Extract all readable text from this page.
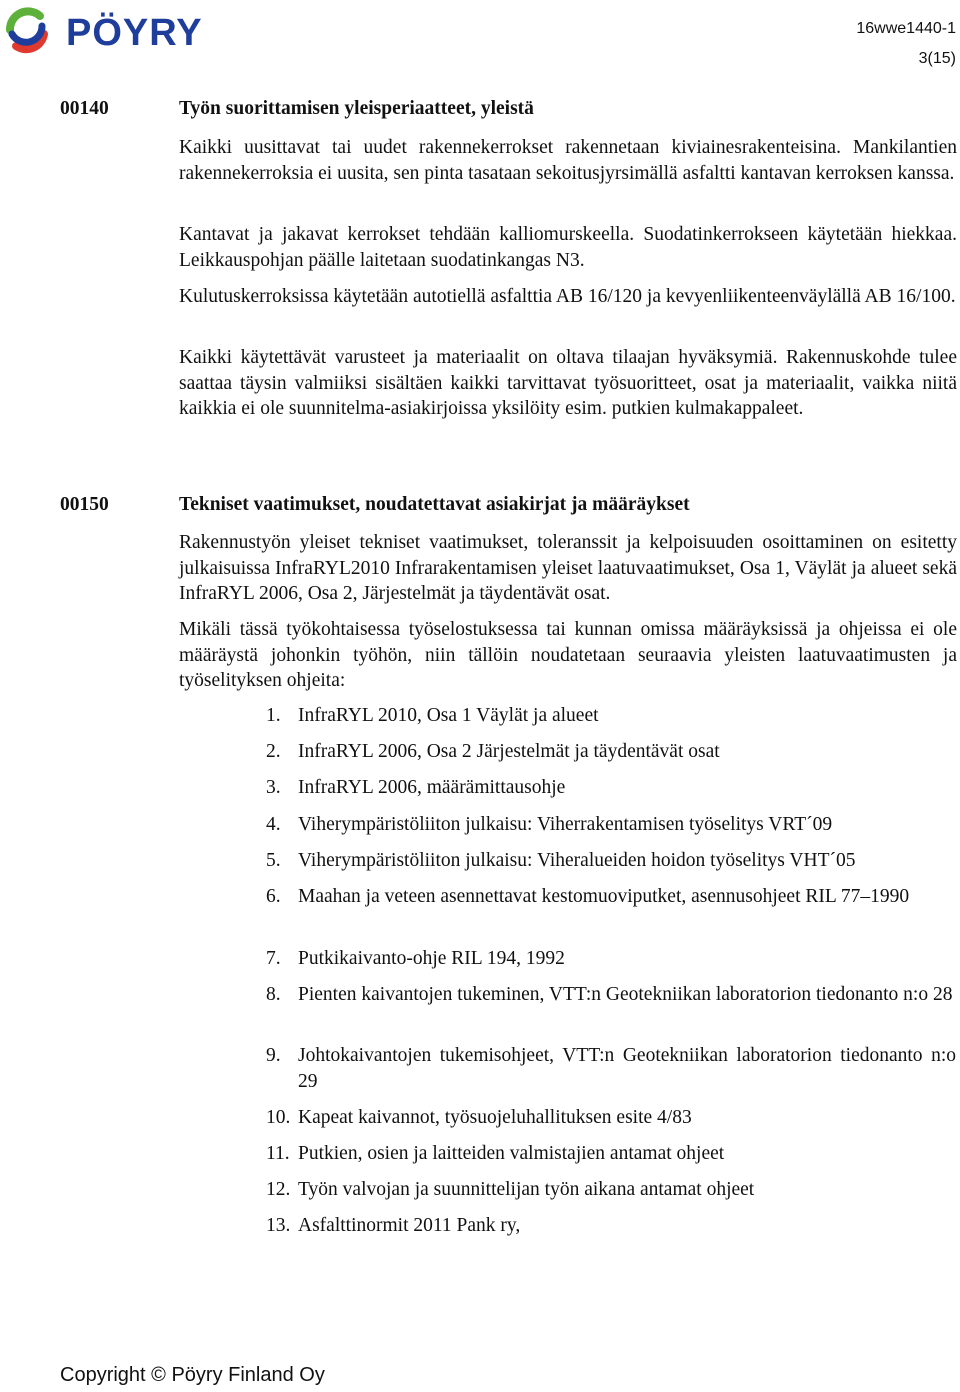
PÖYRY	16wwe1440-1
3(15)
00140	Työn suorittamisen yleisperiaatteet, yleistä

Kaikki uusittavat tai uudet rakennekerrokset rakennetaan kiviainesrakenteisina. Mankilantien rakennekerroksia ei uusita, sen pinta tasataan sekoitusjyrsimällä asfaltti kantavan kerroksen kanssa.

Kantavat ja jakavat kerrokset tehdään kalliomurskeella. Suodatinkerrokseen käytetään hiekkaa. Leikkauspohjan päälle laitetaan suodatinkangas N3.

Kulutuskerroksissa käytetään autotiellä asfalttia AB 16/120 ja kevyenliikenteenväylällä AB 16/100.

Kaikki käytettävät varusteet ja materiaalit on oltava tilaajan hyväksymiä. Rakennuskohde tulee saattaa täysin valmiiksi sisältäen kaikki tarvittavat työsuoritteet, osat ja materiaalit, vaikka niitä kaikkia ei ole suunnitelma-asiakirjoissa yksilöity esim. putkien kulmakappaleet.

00150	Tekniset vaatimukset, noudatettavat asiakirjat ja määräykset

Rakennustyön yleiset tekniset vaatimukset, toleranssit ja kelpoisuuden osoittaminen on esitetty julkaisuissa InfraRYL2010 Infrarakentamisen yleiset laatuvaatimukset, Osa 1, Väylät ja alueet sekä InfraRYL 2006, Osa 2, Järjestelmät ja täydentävät osat.

Mikäli tässä työkohtaisessa työselostuksessa tai kunnan omissa määräyksissä ja ohjeissa ei ole määräystä johonkin työhön, niin tällöin noudatetaan seuraavia yleisten laatuvaatimusten ja työselityksen ohjeita:

1. InfraRYL 2010, Osa 1 Väylät ja alueet
2. InfraRYL 2006, Osa 2 Järjestelmät ja täydentävät osat
3. InfraRYL 2006, määrämittausohje
4. Viherympäristöliiton julkaisu: Viherrakentamisen työselitys VRT´09
5. Viherympäristöliiton julkaisu: Viheralueiden hoidon työselitys VHT´05
6. Maahan ja veteen asennettavat kestomuoviputket, asennusohjeet RIL 77–1990
7. Putkikaivanto-ohje RIL 194, 1992
8. Pienten kaivantojen tukeminen, VTT:n Geotekniikan laboratorion tiedonanto n:o 28
9. Johtokaivantojen tukemisohjeet, VTT:n Geotekniikan laboratorion tiedonanto n:o 29
10. Kapeat kaivannot, työsuojeluhallituksen esite 4/83
11. Putkien, osien ja laitteiden valmistajien antamat ohjeet
12. Työn valvojan ja suunnittelijan työn aikana antamat ohjeet
13. Asfalttinormit 2011 Pank ry,
Copyright © Pöyry Finland Oy
